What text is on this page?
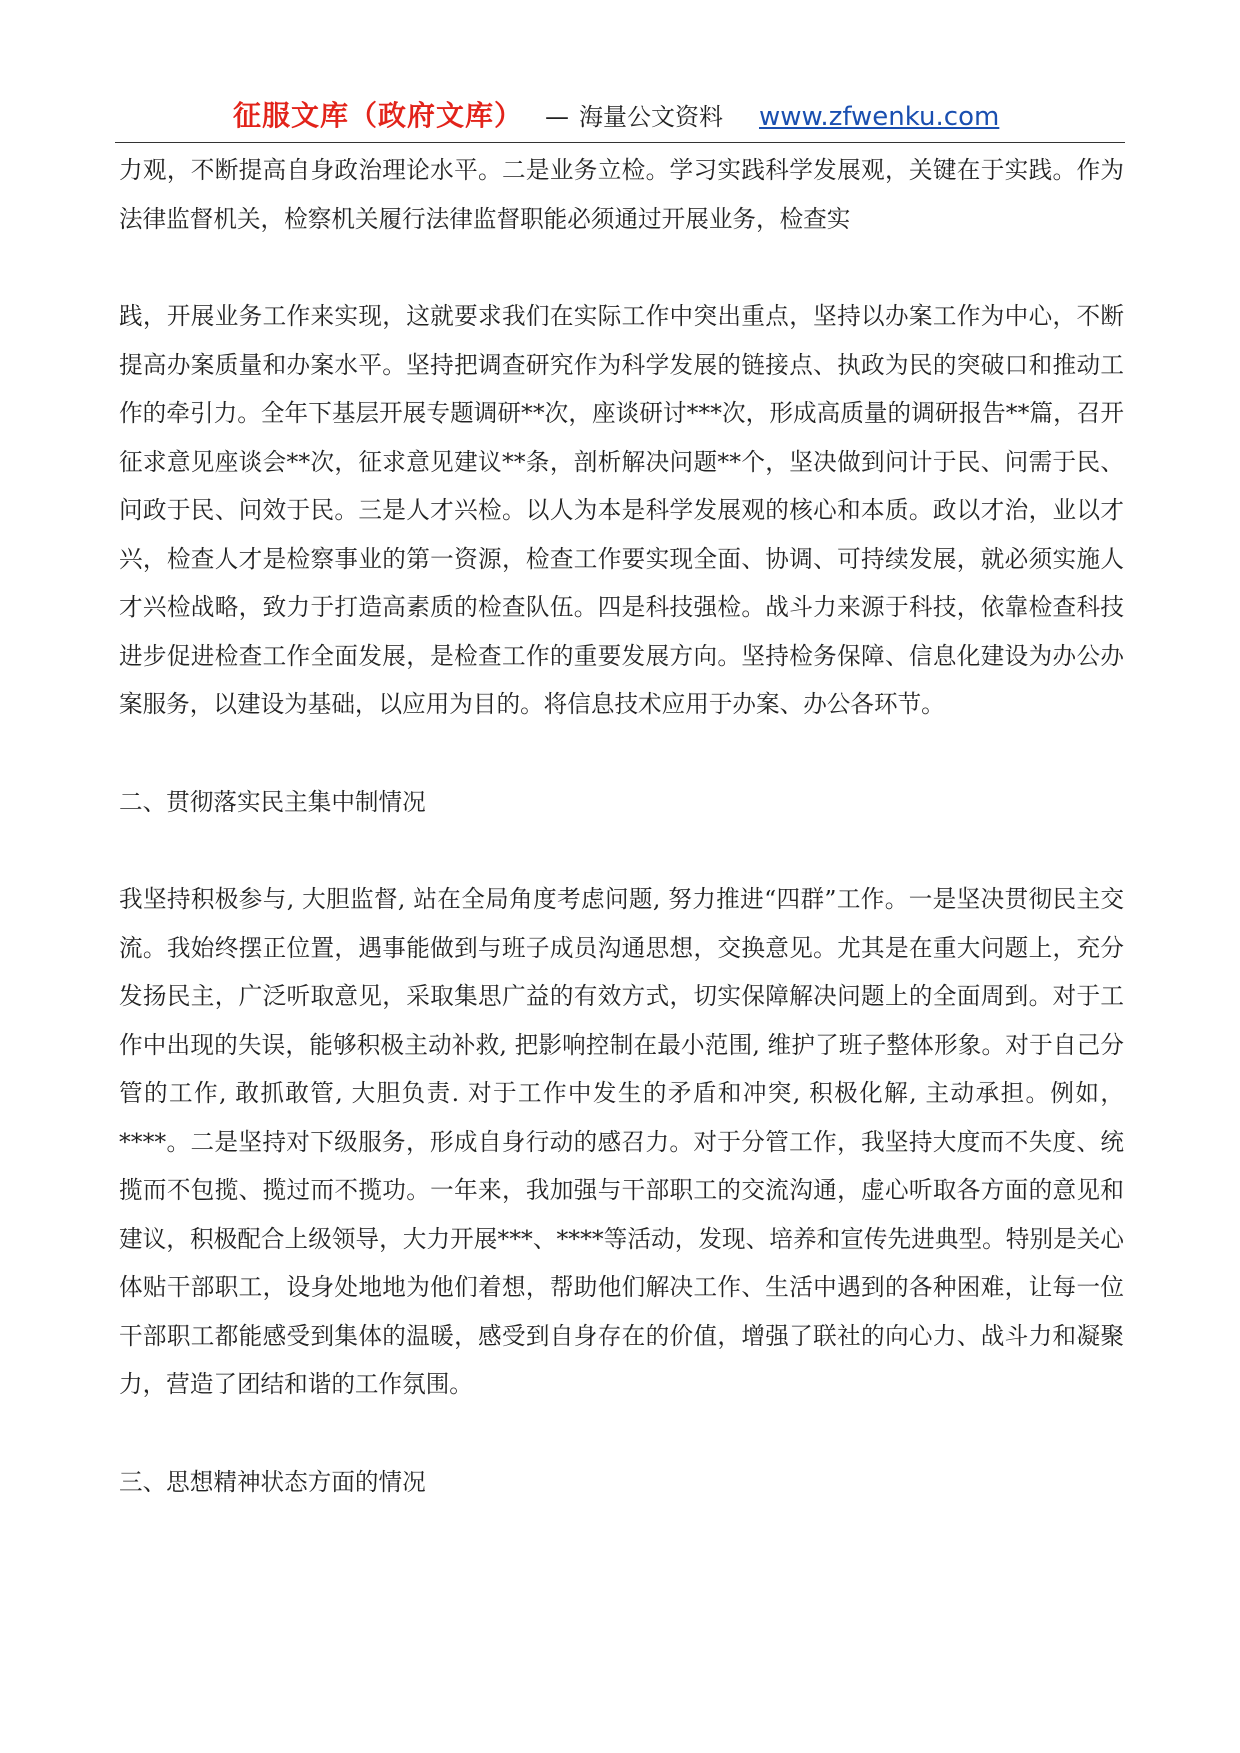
征服文库（政府文库） — 海量公文资料 www.zfwenku.com

力观，不断提高自身政治理论水平。二是业务立检。学习实践科学发展观，关键在于实践。作为法律监督机关，检察机关履行法律监督职能必须通过开展业务，检查实

践，开展业务工作来实现，这就要求我们在实际工作中突出重点，坚持以办案工作为中心，不断提高办案质量和办案水平。坚持把调查研究作为科学发展的链接点、执政为民的突破口和推动工作的牵引力。全年下基层开展专题调研**次，座谈研讨***次，形成高质量的调研报告**篇，召开征求意见座谈会**次，征求意见建议**条，剖析解决问题**个，坚决做到问计于民、问需于民、问政于民、问效于民。三是人才兴检。以人为本是科学发展观的核心和本质。政以才治，业以才兴，检查人才是检察事业的第一资源，检查工作要实现全面、协调、可持续发展，就必须实施人才兴检战略，致力于打造高素质的检查队伍。四是科技强检。战斗力来源于科技，依靠检查科技进步促进检查工作全面发展，是检查工作的重要发展方向。坚持检务保障、信息化建设为办公办案服务，以建设为基础，以应用为目的。将信息技术应用于办案、办公各环节。

二、贯彻落实民主集中制情况

我坚持积极参与, 大胆监督, 站在全局角度考虑问题, 努力推进“四群”工作。一是坚决贯彻民主交流。我始终摆正位置，遇事能做到与班子成员沟通思想，交换意见。尤其是在重大问题上，充分发扬民主，广泛听取意见，采取集思广益的有效方式，切实保障解决问题上的全面周到。对于工作中出现的失误，能够积极主动补救, 把影响控制在最小范围, 维护了班子整体形象。对于自己分管的工作, 敢抓敢管, 大胆负责. 对于工作中发生的矛盾和冲突, 积极化解, 主动承担。例如，****。二是坚持对下级服务，形成自身行动的感召力。对于分管工作，我坚持大度而不失度、统揽而不包揽、揽过而不揽功。一年来，我加强与干部职工的交流沟通，虚心听取各方面的意见和建议，积极配合上级领导，大力开展***、****等活动，发现、培养和宣传先进典型。特别是关心体贴干部职工，设身处地地为他们着想，帮助他们解决工作、生活中遇到的各种困难，让每一位干部职工都能感受到集体的温暖，感受到自身存在的价值，增强了联社的向心力、战斗力和凝聚力，营造了团结和谐的工作氛围。

三、思想精神状态方面的情况
